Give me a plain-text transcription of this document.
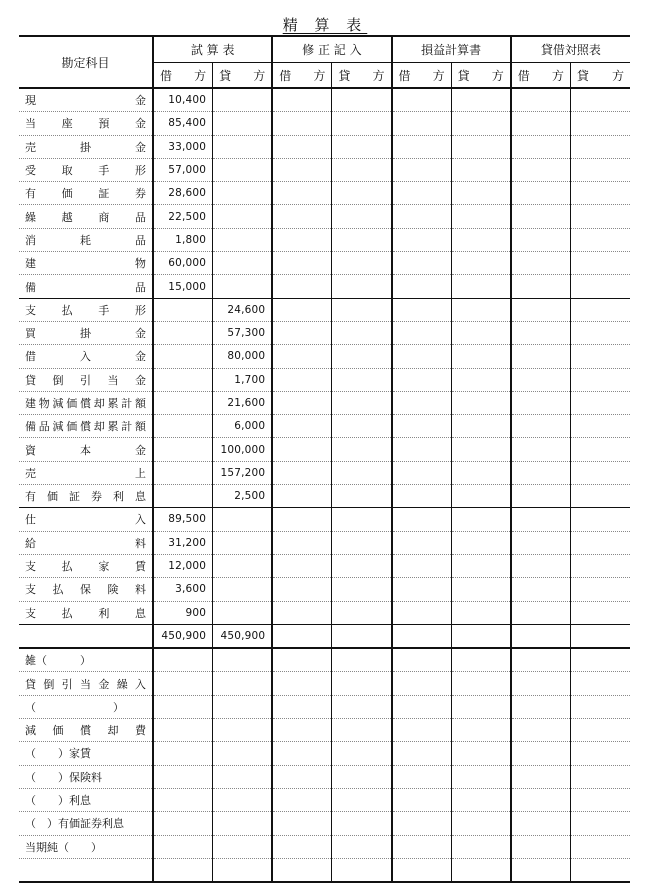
精 算 表
勘定科目	試 算 表		修 正 記 入		損益計算書		貸借対照表	

	借 方	貸 方	借 方	貸 方	借 方	貸 方	借 方	貸 方

現金	10,400							
当座預金	85,400							
売掛金	33,000							
受取手形	57,000							
有価証券	28,600							
繰越商品	22,500							
消耗品	1,800							
建物	60,000							
備品	15,000							
支払手形		24,600						
買掛金		57,300						
借入金		80,000						
貸倒引当金		1,700						
建物減価償却累計額		21,600						
備品減価償却累計額		6,000						
資本金		100,000						
売上		157,200						
有価証券利息		2,500						
仕入	89,500							
給料	31,200							
支払家賃	12,000							
支払保険料	3,600							
支払利息	900							
	450,900	450,900						
雑（　　　）								
貸倒引当金繰入								
（　　　　　　　）								
減価償却費								
（　　）家賃								
（　　）保険料								
（　　）利息								
（　）有価証券利息								
当期純（　　）								
